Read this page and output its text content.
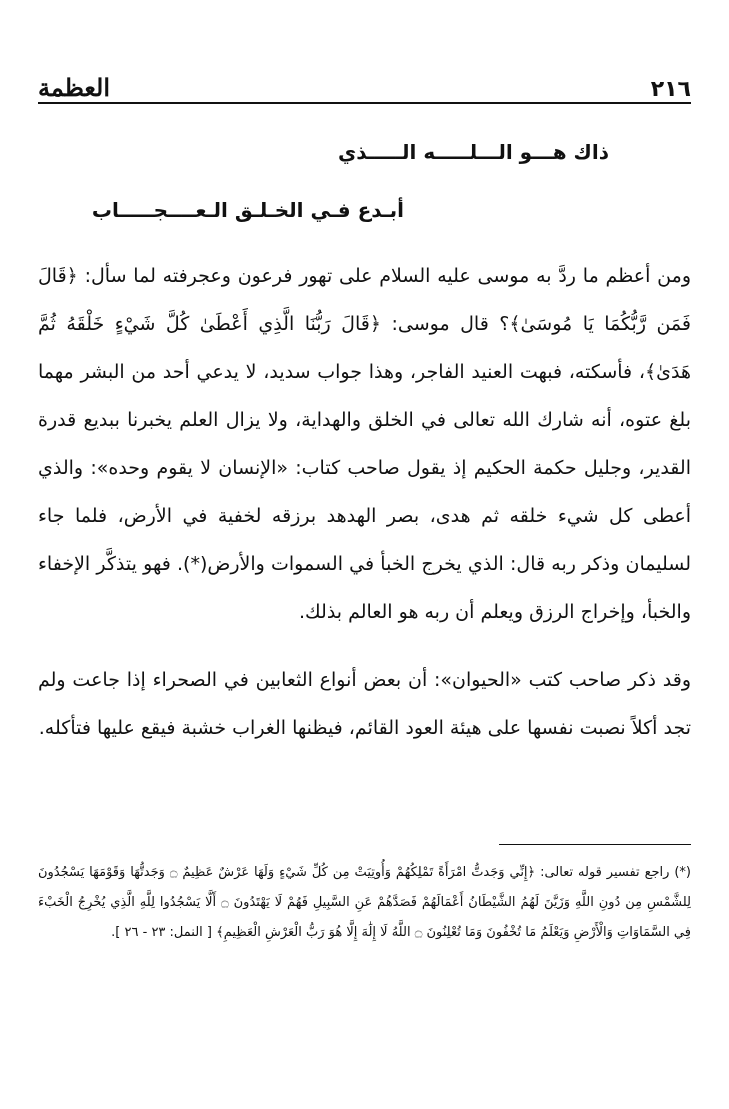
٢١٦
العظمة
ذاك هـــو الـــلـــــه الـــــذي
أبـدع فـي الخـلـق الـعــــجـــــاب

ومن أعظم ما ردَّ به موسى عليه السلام على تهور فرعون وعجرفته لما سأل: ﴿قَالَ فَمَن رَّبُّكُمَا يَا مُوسَىٰ﴾؟ قال موسى: ﴿قَالَ رَبُّنَا الَّذِي أَعْطَىٰ كُلَّ شَيْءٍ خَلْقَهُ ثُمَّ هَدَىٰ﴾، فأسكته، فبهت العنيد الفاجر، وهذا جواب سديد، لا يدعي أحد من البشر مهما بلغ عتوه، أنه شارك الله تعالى في الخلق والهداية، ولا يزال العلم يخبرنا ببديع قدرة القدير، وجليل حكمة الحكيم إذ يقول صاحب كتاب: «الإنسان لا يقوم وحده»: والذي أعطى كل شيء خلقه ثم هدى، بصر الهدهد برزقه لخفية في الأرض، فلما جاء لسليمان وذكر ربه قال: الذي يخرج الخبأ في السموات والأرض(*). فهو يتذكَّر الإخفاء والخبأ، وإخراج الرزق ويعلم أن ربه هو العالم بذلك.

وقد ذكر صاحب كتب «الحيوان»: أن بعض أنواع الثعابين في الصحراء إذا جاعت ولم تجد أكلاً نصبت نفسها على هيئة العود القائم، فيظنها الغراب خشبة فيقع عليها فتأكله.

(*) راجع تفسير قوله تعالى: ﴿إِنِّي وَجَدتُّ امْرَأَةً تَمْلِكُهُمْ وَأُوتِيَتْ مِن كُلِّ شَيْءٍ وَلَهَا عَرْشٌ عَظِيمٌ ۝ وَجَدتُّهَا وَقَوْمَهَا يَسْجُدُونَ لِلشَّمْسِ مِن دُونِ اللَّهِ وَزَيَّنَ لَهُمُ الشَّيْطَانُ أَعْمَالَهُمْ فَصَدَّهُمْ عَنِ السَّبِيلِ فَهُمْ لَا يَهْتَدُونَ ۝ أَلَّا يَسْجُدُوا لِلَّهِ الَّذِي يُخْرِجُ الْخَبْءَ فِي السَّمَاوَاتِ وَالْأَرْضِ وَيَعْلَمُ مَا تُخْفُونَ وَمَا تُعْلِنُونَ ۝ اللَّهُ لَا إِلَٰهَ إِلَّا هُوَ رَبُّ الْعَرْشِ الْعَظِيمِ﴾ [ النمل: ٢٣ - ٢٦ ].
